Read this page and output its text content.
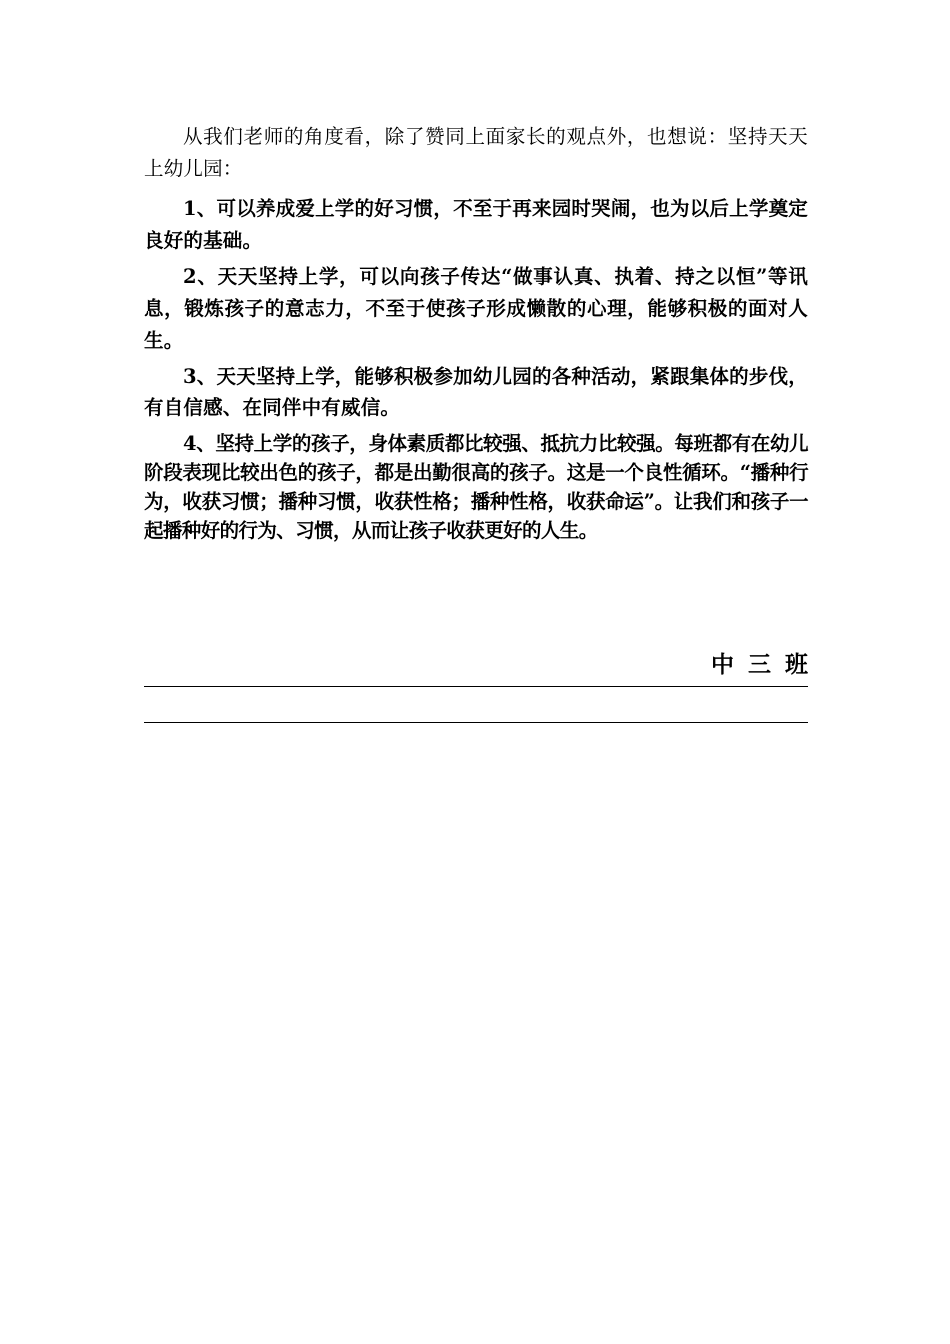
从我们老师的角度看，除了赞同上面家长的观点外，也想说：坚持天天上幼儿园：

1、可以养成爱上学的好习惯，不至于再来园时哭闹，也为以后上学奠定良好的基础。

2、天天坚持上学，可以向孩子传达“做事认真、执着、持之以恒”等讯息，锻炼孩子的意志力，不至于使孩子形成懒散的心理，能够积极的面对人生。

3、天天坚持上学，能够积极参加幼儿园的各种活动，紧跟集体的步伐，有自信感、在同伴中有威信。

4、坚持上学的孩子，身体素质都比较强、抵抗力比较强。每班都有在幼儿阶段表现比较出色的孩子，都是出勤很高的孩子。这是一个良性循环。“播种行为，收获习惯；播种习惯，收获性格；播种性格，收获命运”。让我们和孩子一起播种好的行为、习惯，从而让孩子收获更好的人生。

中三班
